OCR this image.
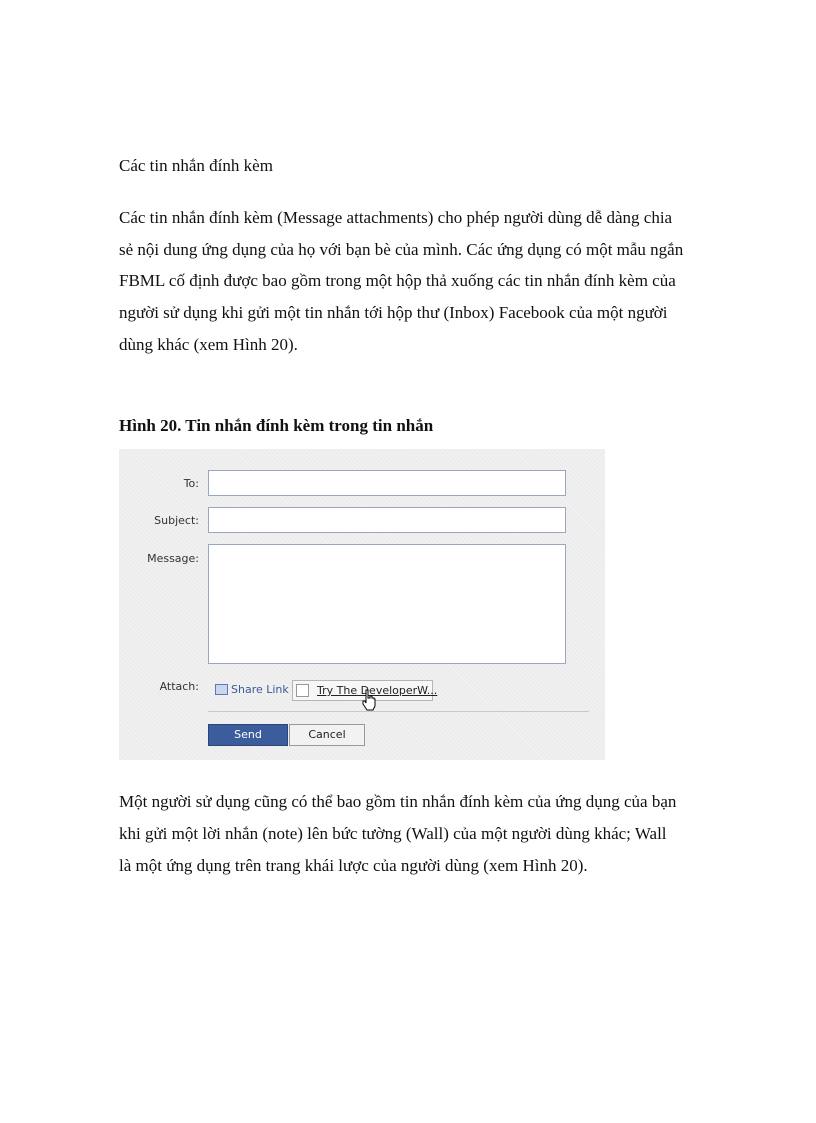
Các tin nhắn đính kèm
Các tin nhắn đính kèm (Message attachments) cho phép người dùng dễ dàng chia
sẻ nội dung ứng dụng của họ với bạn bè của mình. Các ứng dụng có một mẫu ngắn
FBML cố định được bao gồm trong một hộp thả xuống các tin nhắn đính kèm của
người sử dụng khi gửi một tin nhắn tới hộp thư (Inbox) Facebook của một người
dùng khác (xem Hình 20).
Hình 20. Tin nhắn đính kèm trong tin nhắn
To:
Subject:
Message:
Attach:	Share Link	Try The DeveloperW...
Send	Cancel
Một người sử dụng cũng có thể bao gồm tin nhắn đính kèm của ứng dụng của bạn
khi gửi một lời nhắn (note) lên bức tường (Wall) của một người dùng khác; Wall
là một ứng dụng trên trang khái lược của người dùng (xem Hình 20).
